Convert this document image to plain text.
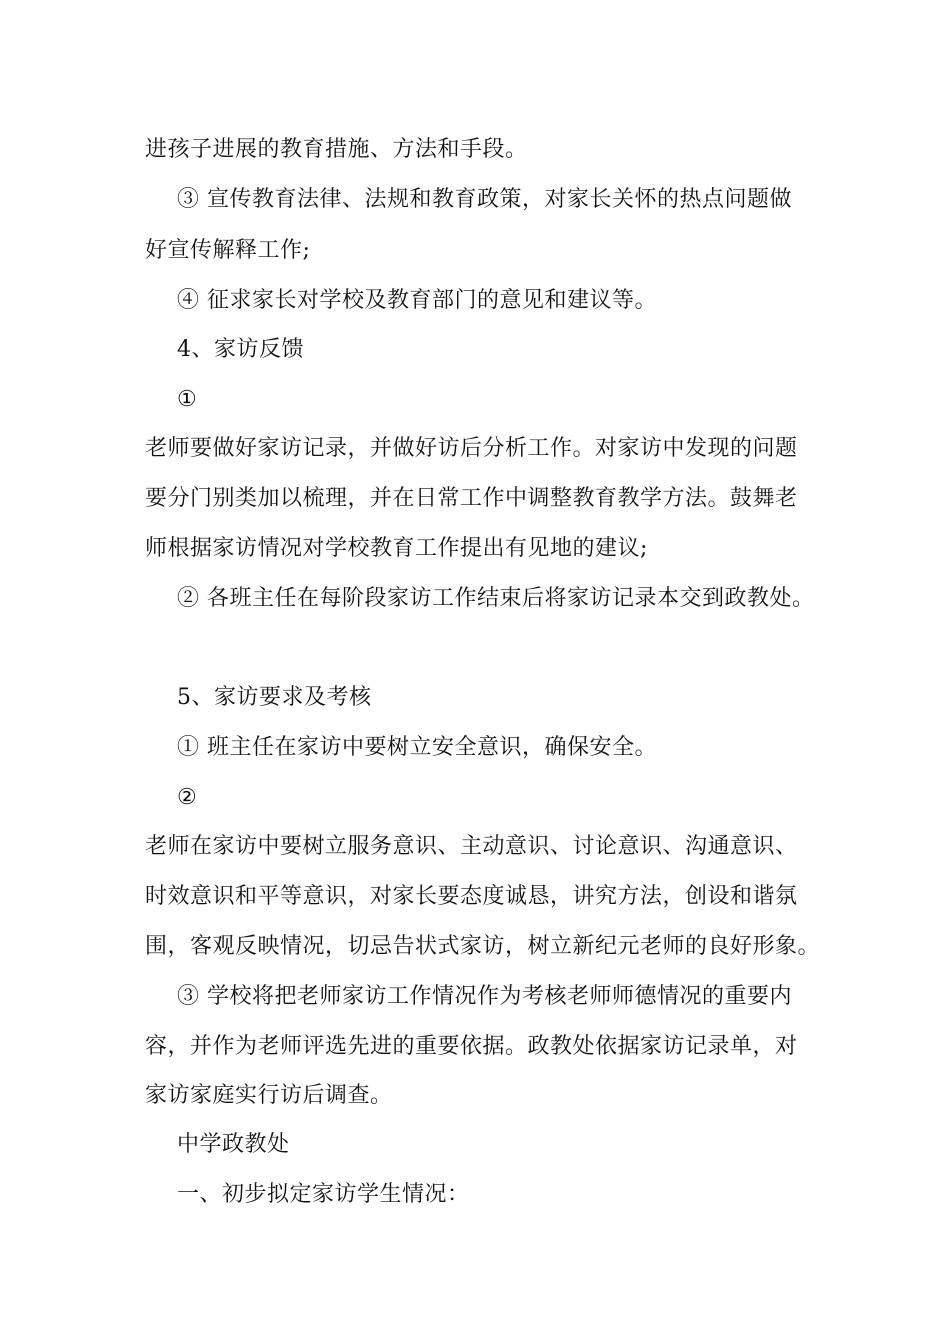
进孩子进展的教育措施、方法和手段。
③ 宣传教育法律、法规和教育政策，对家长关怀的热点问题做
好宣传解释工作;
④ 征求家长对学校及教育部门的意见和建议等。
4、家访反馈
①
老师要做好家访记录，并做好访后分析工作。对家访中发现的问题
要分门别类加以梳理，并在日常工作中调整教育教学方法。鼓舞老
师根据家访情况对学校教育工作提出有见地的建议;
② 各班主任在每阶段家访工作结束后将家访记录本交到政教处。
5、家访要求及考核
① 班主任在家访中要树立安全意识，确保安全。
②
老师在家访中要树立服务意识、主动意识、讨论意识、沟通意识、
时效意识和平等意识，对家长要态度诚恳，讲究方法，创设和谐氛
围，客观反映情况，切忌告状式家访，树立新纪元老师的良好形象。
③ 学校将把老师家访工作情况作为考核老师师德情况的重要内
容，并作为老师评选先进的重要依据。政教处依据家访记录单，对
家访家庭实行访后调查。
中学政教处
一、初步拟定家访学生情况：
